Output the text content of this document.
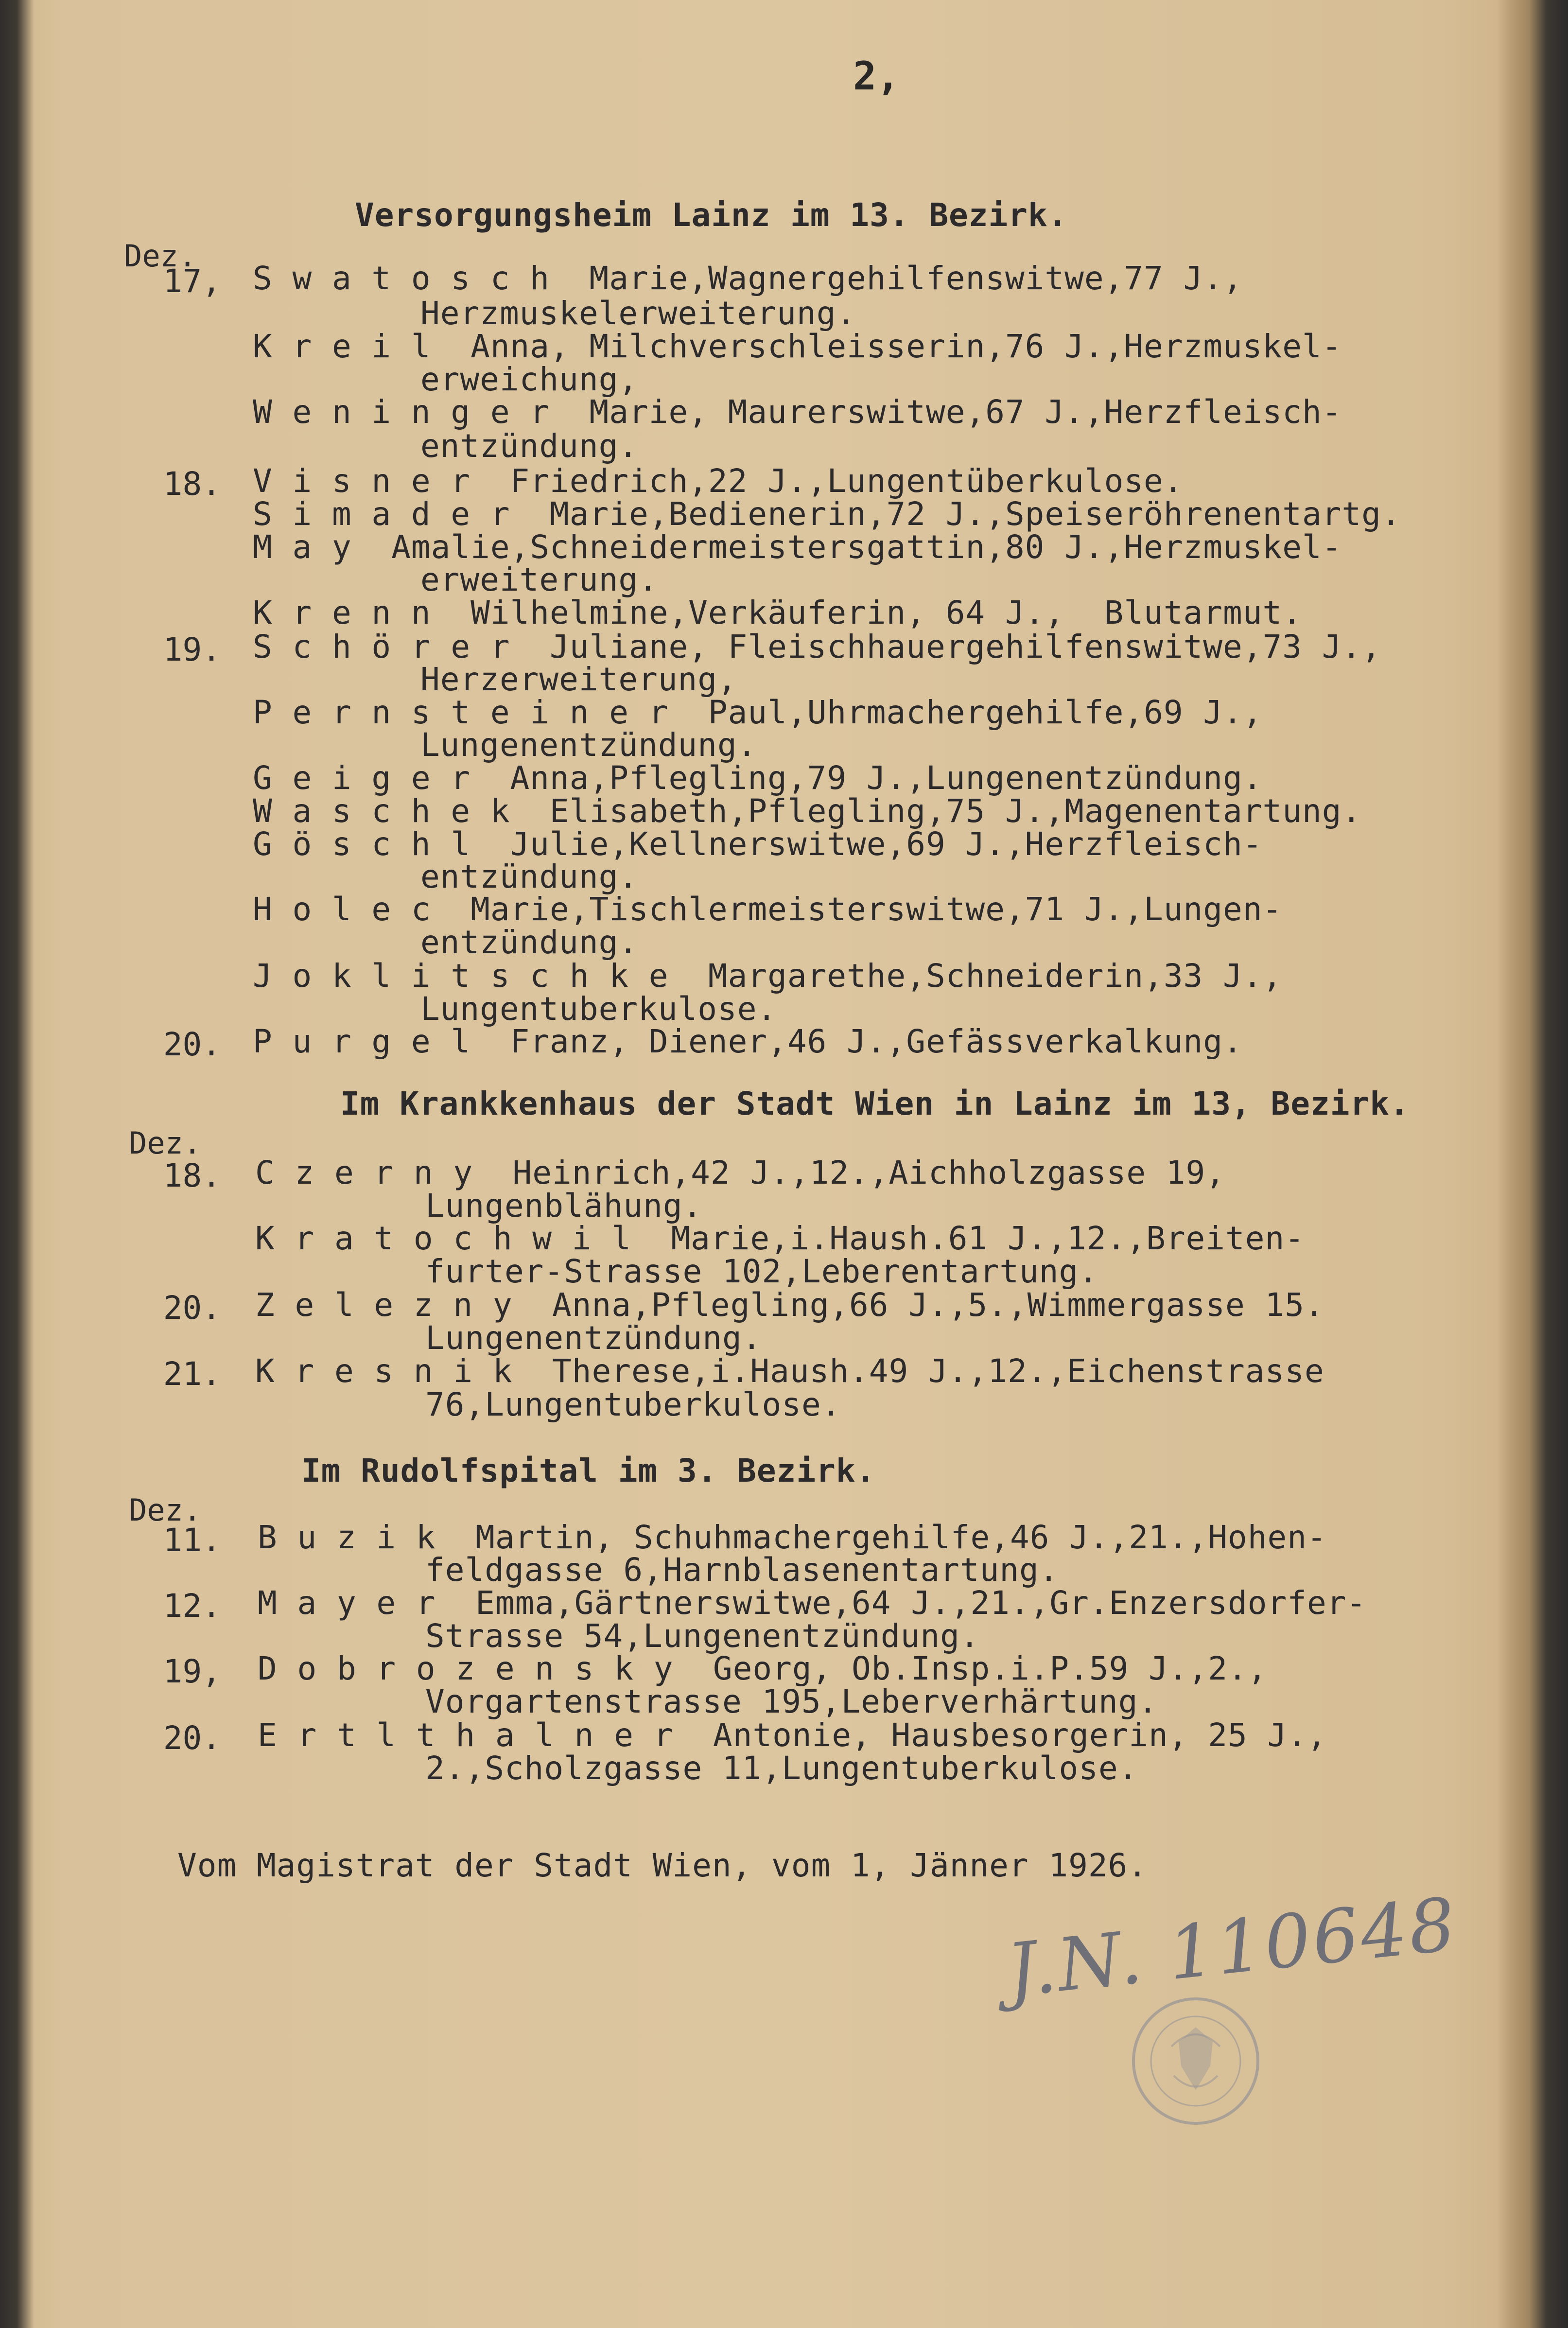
2,
Versorgungsheim Lainz im 13. Bezirk.
Dez.
17, S w a t o s c h  Marie,Wagnergehilfenswitwe,77 J.,
Herzmuskelerweiterung.
K r e i l  Anna, Milchverschleisserin,76 J.,Herzmuskel-
erweichung,
W e n i n g e r  Marie, Maurerswitwe,67 J.,Herzfleisch-
entzündung.
18. V i s n e r  Friedrich,22 J.,Lungentüberkulose.
S i m a d e r  Marie,Bedienerin,72 J.,Speiseröhrenentartg.
M a y  Amalie,Schneidermeistersgattin,80 J.,Herzmuskel-
erweiterung.
K r e n n  Wilhelmine,Verkäuferin, 64 J.,  Blutarmut.
19. S c h ö r e r  Juliane, Fleischhauergehilfenswitwe,73 J.,
Herzerweiterung,
P e r n s t e i n e r  Paul,Uhrmachergehilfe,69 J.,
Lungenentzündung.
G e i g e r  Anna,Pflegling,79 J.,Lungenentzündung.
W a s c h e k  Elisabeth,Pflegling,75 J.,Magenentartung.
G ö s c h l  Julie,Kellnerswitwe,69 J.,Herzfleisch-
entzündung.
H o l e c  Marie,Tischlermeisterswitwe,71 J.,Lungen-
entzündung.
J o k l i t s c h k e  Margarethe,Schneiderin,33 J.,
Lungentuberkulose.
20. P u r g e l  Franz, Diener,46 J.,Gefässverkalkung.
Im Krankkenhaus der Stadt Wien in Lainz im 13, Bezirk.
Dez.
18. C z e r n y  Heinrich,42 J.,12.,Aichholzgasse 19,
Lungenblähung.
K r a t o c h w i l  Marie,i.Haush.61 J.,12.,Breiten-
furter-Strasse 102,Leberentartung.
20. Z e l e z n y  Anna,Pflegling,66 J.,5.,Wimmergasse 15.
Lungenentzündung.
21. K r e s n i k  Therese,i.Haush.49 J.,12.,Eichenstrasse
76,Lungentuberkulose.
Im Rudolfspital im 3. Bezirk.
Dez.
11. B u z i k  Martin, Schuhmachergehilfe,46 J.,21.,Hohen-
feldgasse 6,Harnblasenentartung.
12. M a y e r  Emma,Gärtnerswitwe,64 J.,21.,Gr.Enzersdorfer-
Strasse 54,Lungenentzündung.
19, D o b r o z e n s k y  Georg, Ob.Insp.i.P.59 J.,2.,
Vorgartenstrasse 195,Leberverhärtung.
20. E r t l t h a l n e r  Antonie, Hausbesorgerin, 25 J.,
2.,Scholzgasse 11,Lungentuberkulose.
Vom Magistrat der Stadt Wien, vom 1, Jänner 1926.
J.N. 110648
